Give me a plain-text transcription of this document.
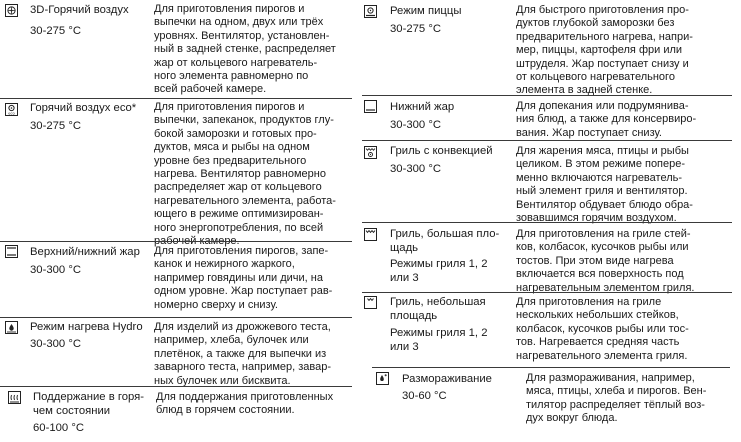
3D-Горячий воздух
30-275 °C
Для приготовления пирогов и
выпечки на одном, двух или трёх
уровнях. Вентилятор, установлен-
ный в задней стенке, распределяет
жар от кольцевого нагреватель-
ного элемента равномерно по
всей рабочей камере.
eco Горячий воздух eco*
30-275 °C
Для приготовления пирогов и
выпечки, запеканок, продуктов глу-
бокой заморозки и готовых про-
дуктов, мяса и рыбы на одном
уровне без предварительного
нагрева. Вентилятор равномерно
распределяет жар от кольцевого
нагревательного элемента, работа-
ющего в режиме оптимизирован-
ного энергопотребления, по всей
рабочей камере.
Верхний/нижний жар
30-300 °C
Для приготовления пирогов, запе-
канок и нежирного жаркого,
например говядины или дичи, на
одном уровне. Жар поступает рав-
номерно сверху и снизу.
Режим нагрева Hydro
30-300 °C
Для изделий из дрожжевого теста,
например, хлеба, булочек или
плетёнок, а также для выпечки из
заварного теста, например, завар-
ных булочек или бисквита.
Поддержание в горя-
чем состоянии
60-100 °C
Для поддержания приготовленных
блюд в горячем состоянии.
Режим пиццы
30-275 °C
Для быстрого приготовления про-
дуктов глубокой заморозки без
предварительного нагрева, напри-
мер, пиццы, картофеля фри или
штруделя. Жар поступает снизу и
от кольцевого нагревательного
элемента в задней стенке.
Нижний жар
30-300 °C
Для допекания или подрумянива-
ния блюд, а также для консервиро-
вания. Жар поступает снизу.
Гриль с конвекцией
30-300 °C
Для жарения мяса, птицы и рыбы
целиком. В этом режиме попере-
менно включаются нагреватель-
ный элемент гриля и вентилятор.
Вентилятор обдувает блюдо обра-
зовавшимся горячим воздухом.
Гриль, большая пло-
щадь
Режимы гриля 1, 2
или 3
Для приготовления на гриле стей-
ков, колбасок, кусочков рыбы или
тостов. При этом виде нагрева
включается вся поверхность под
нагревательным элементом гриля.
Гриль, небольшая
площадь
Режимы гриля 1, 2
или 3
Для приготовления на гриле
нескольких небольших стейков,
колбасок, кусочков рыбы или тос-
тов. Нагревается средняя часть
нагревательного элемента гриля.
Размораживание
30-60 °C
Для размораживания, например,
мяса, птицы, хлеба и пирогов. Вен-
тилятор распределяет тёплый воз-
дух вокруг блюда.
